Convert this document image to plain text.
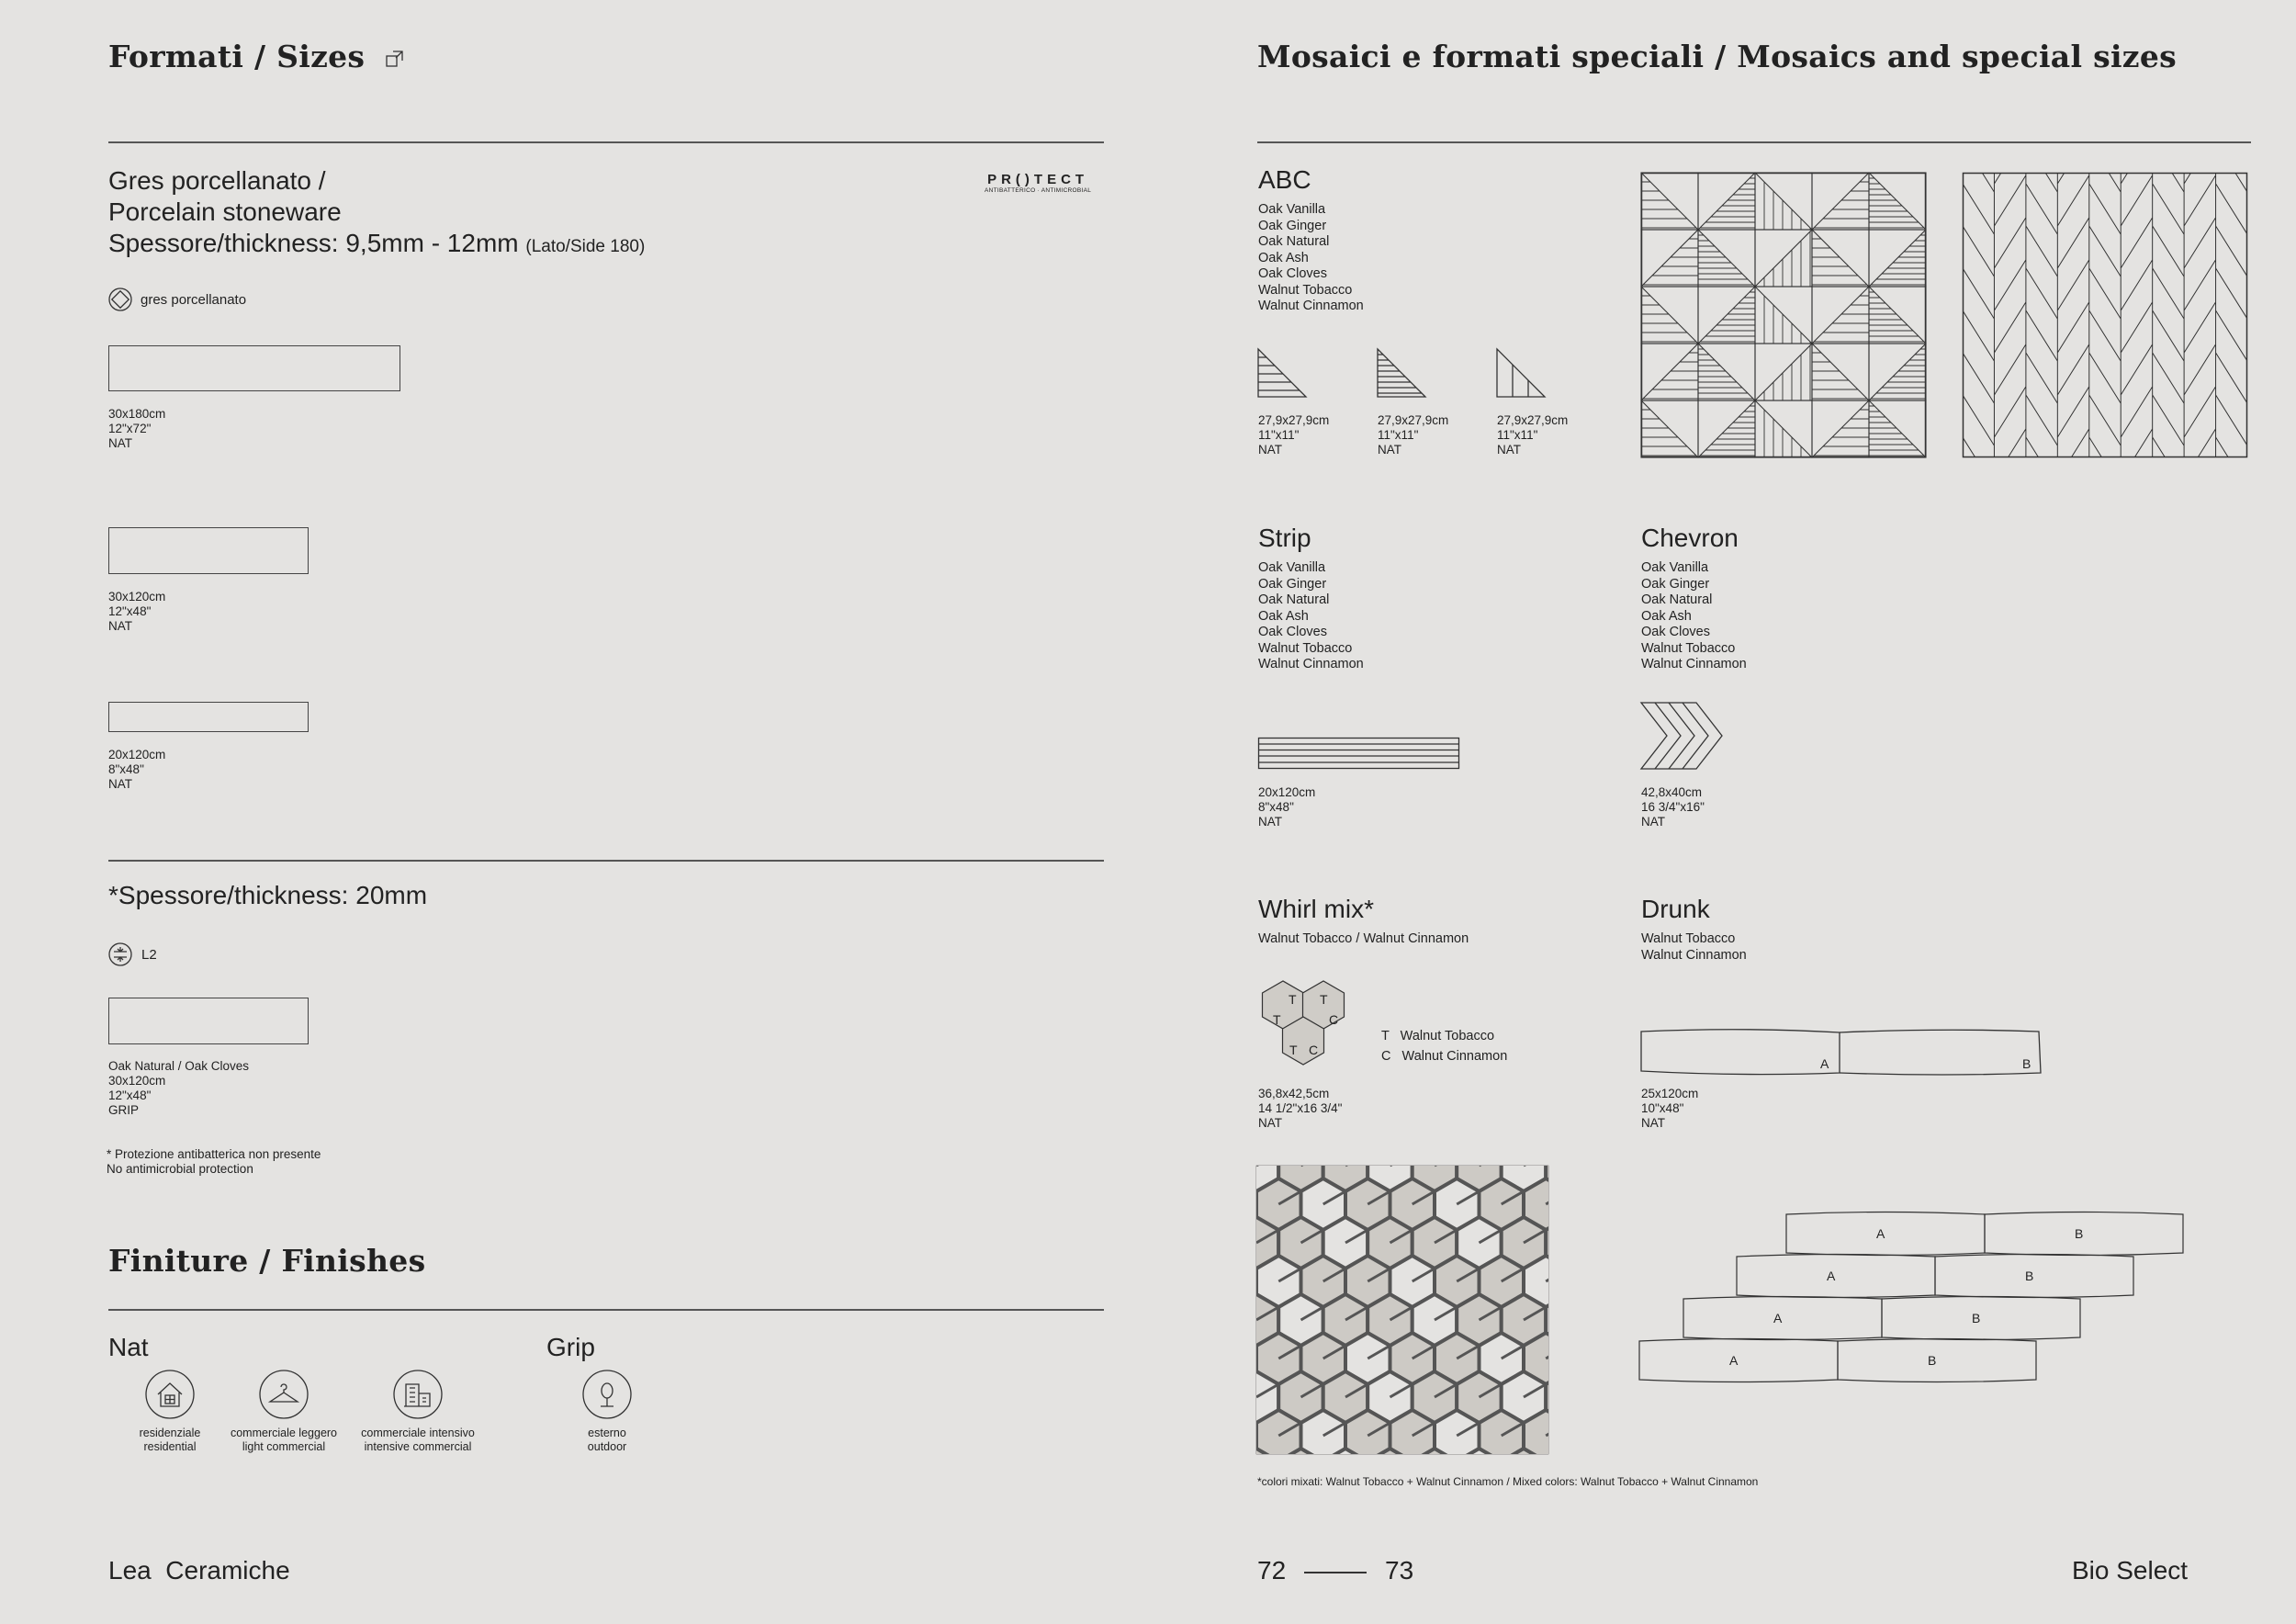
Formati / Sizes
Gres porcellanato /
Porcelain stoneware
Spessore/thickness: 9,5mm - 12mm (Lato/Side 180)
PR()TECT
ANTIBATTERICO · ANTIMICROBIAL
gres porcellanato
30x180cm
12"x72"
NAT
30x120cm
12"x48"
NAT
20x120cm
8"x48"
NAT
*Spessore/thickness: 20mm
L2
Oak Natural / Oak Cloves
30x120cm
12"x48"
GRIP
* Protezione antibatterica non presente
No antimicrobial protection
Finiture / Finishes
Nat	Grip
residenziale
residential
commerciale leggero
light commercial
commerciale intensivo
intensive commercial
esterno
outdoor
Mosaici e formati speciali / Mosaics and special sizes
ABC
Oak Vanilla
Oak Ginger
Oak Natural
Oak Ash
Oak Cloves
Walnut Tobacco
Walnut Cinnamon
27,9x27,9cm
11"x11"
NAT
27,9x27,9cm
11"x11"
NAT
27,9x27,9cm
11"x11"
NAT
Strip
Oak Vanilla
Oak Ginger
Oak Natural
Oak Ash
Oak Cloves
Walnut Tobacco
Walnut Cinnamon
20x120cm
8"x48"
NAT
Chevron
Oak Vanilla
Oak Ginger
Oak Natural
Oak Ash
Oak Cloves
Walnut Tobacco
Walnut Cinnamon
42,8x40cm
16 3/4"x16"
NAT
Whirl mix*
Walnut Tobacco / Walnut Cinnamon
T T
T	C
T C
T   Walnut Tobacco
C   Walnut Cinnamon
36,8x42,5cm
14 1/2"x16 3/4"
NAT
*colori mixati: Walnut Tobacco + Walnut Cinnamon / Mixed colors: Walnut Tobacco + Walnut Cinnamon
Drunk
Walnut Tobacco
Walnut Cinnamon
A	B
25x120cm
10"x48"
NAT
A	B
A	B
A	B
A	B
Lea  Ceramiche	72	73	Bio Select
